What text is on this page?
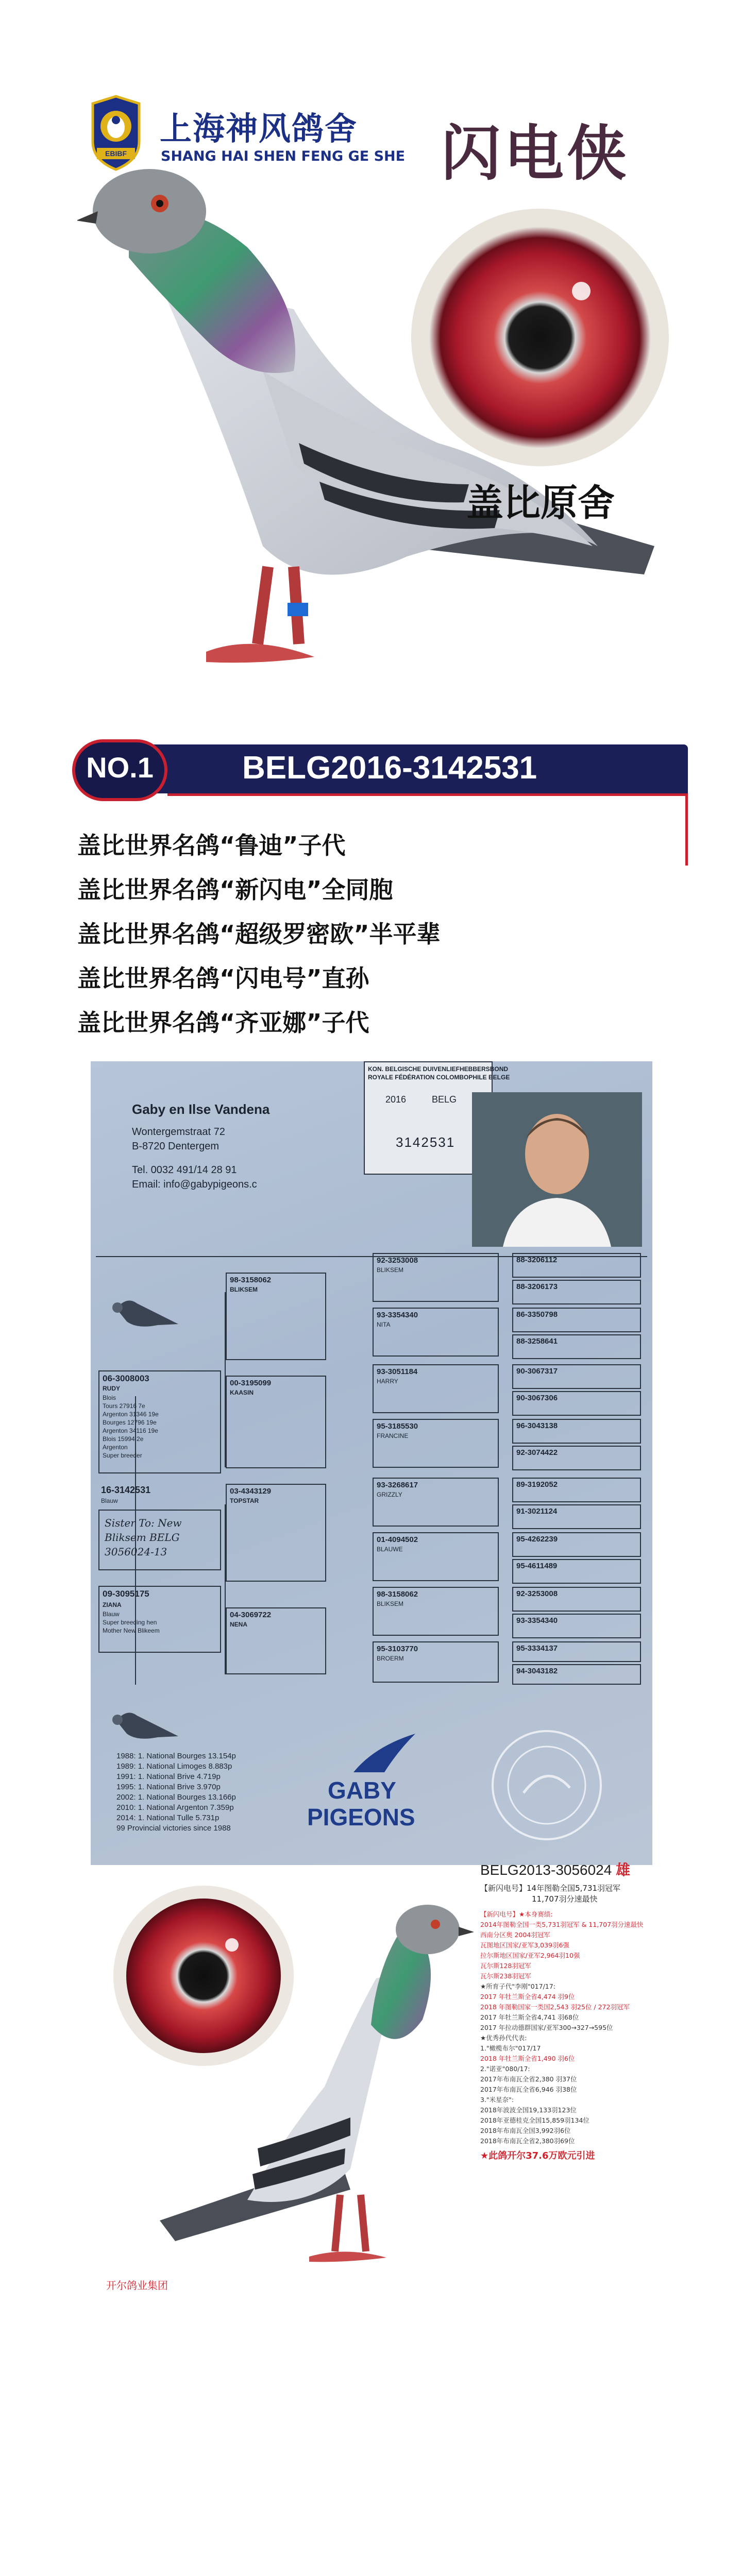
EBIBF
上海神风鸽舍
SHANG HAI SHEN FENG GE SHE 闪电侠
盖比原舍
NO.1	BELG2016-3142531
盖比世界名鸽“鲁迪”子代
盖比世界名鸽“新闪电”全同胞
盖比世界名鸽“超级罗密欧”半平辈
盖比世界名鸽“闪电号”直孙
盖比世界名鸽“齐亚娜”子代
Gaby en Ilse Vandena
Wontergemstraat 72
B-8720 Dentergem
Tel. 0032 491/14 28 91
Email: info@gabypigeons.c
KON. BELGISCHE DUIVENLIEFHEBBERSBOND
ROYALE FÉDÉRATION COLOMBOPHILE BELGE
2016	BELG
3142531
06-3008003
RUDY
Blois
Tours 27916 7e
Argenton 31346 19e
Bourges 12796 19e
Argenton 34116 19e
Blois 15994 2e
Argenton
Super breeder
16-3142531
Blauw
Sister To: New Bliksem BELG 3056024-13
09-3095175
ZIANA
Blauw
Super breeding hen
Mother New Blikeem
98-3158062
BLIKSEM
00-3195099
KAASIN
03-4343129
TOPSTAR
04-3069722
NENA
92-3253008
BLIKSEM
93-3354340
NITA
93-3051184
HARRY
95-3185530
FRANCINE
93-3268617
GRIZZLY
01-4094502
BLAUWE
98-3158062
BLIKSEM
95-3103770
BROERM
88-3206112
88-3206173
86-3350798
88-3258641
90-3067317
90-3067306
96-3043138
92-3074422
89-3192052
91-3021124
95-4262239
95-4611489
92-3253008
93-3354340
95-3334137
94-3043182
1988: 1. National Bourges 13.154p
1989: 1. National Limoges 8.883p
1991: 1. National Brive 4.719p
1995: 1. National Brive 3.970p
2002: 1. National Bourges 13.166p
2010: 1. National Argenton 7.359p
2014: 1. National Tulle 5.731p
99 Provincial victories since 1988
GABY
PIGEONS
开尔鸽业集团
BELG2013-3056024 雄
【新闪电号】14年图勒全国5,731羽冠军
11,707羽分速最快
【新闪电号】★本身赛绩:
2014年图勒全国一类5,731羽冠军 & 11,707羽分速最快
西南分区奥 2004羽冠军
瓦图地区国家/亚军3,039羽6强
拉尔斯地区国家/亚军2,964羽10强
瓦尔斯128羽冠军
瓦尔斯238羽冠军
★所育子代"李刚"017/17:
2017 年牡兰斯全省4,474 羽9位
2018 年图勒国家一类国2,543 羽25位 / 272羽冠军
2017 年牡兰斯全省4,741 羽68位
2017 年拉动德群国家/亚军300→327→595位
★优秀孙代代表:
1."橄榄布尔"017/17
2018 年牡兰斯全省1,490 羽6位
2."诺亚"080/17:
2017年布南瓦全省2,380 羽37位
2017年布南瓦全省6,946 羽38位
3."米星奈":
2018年波波全国19,133羽123位
2018年亚德桂克全国15,859羽134位
2018年布南瓦全国3,992羽6位
2018年布南瓦全省2,380羽69位
★此鸽开尔37.6万欧元引进
